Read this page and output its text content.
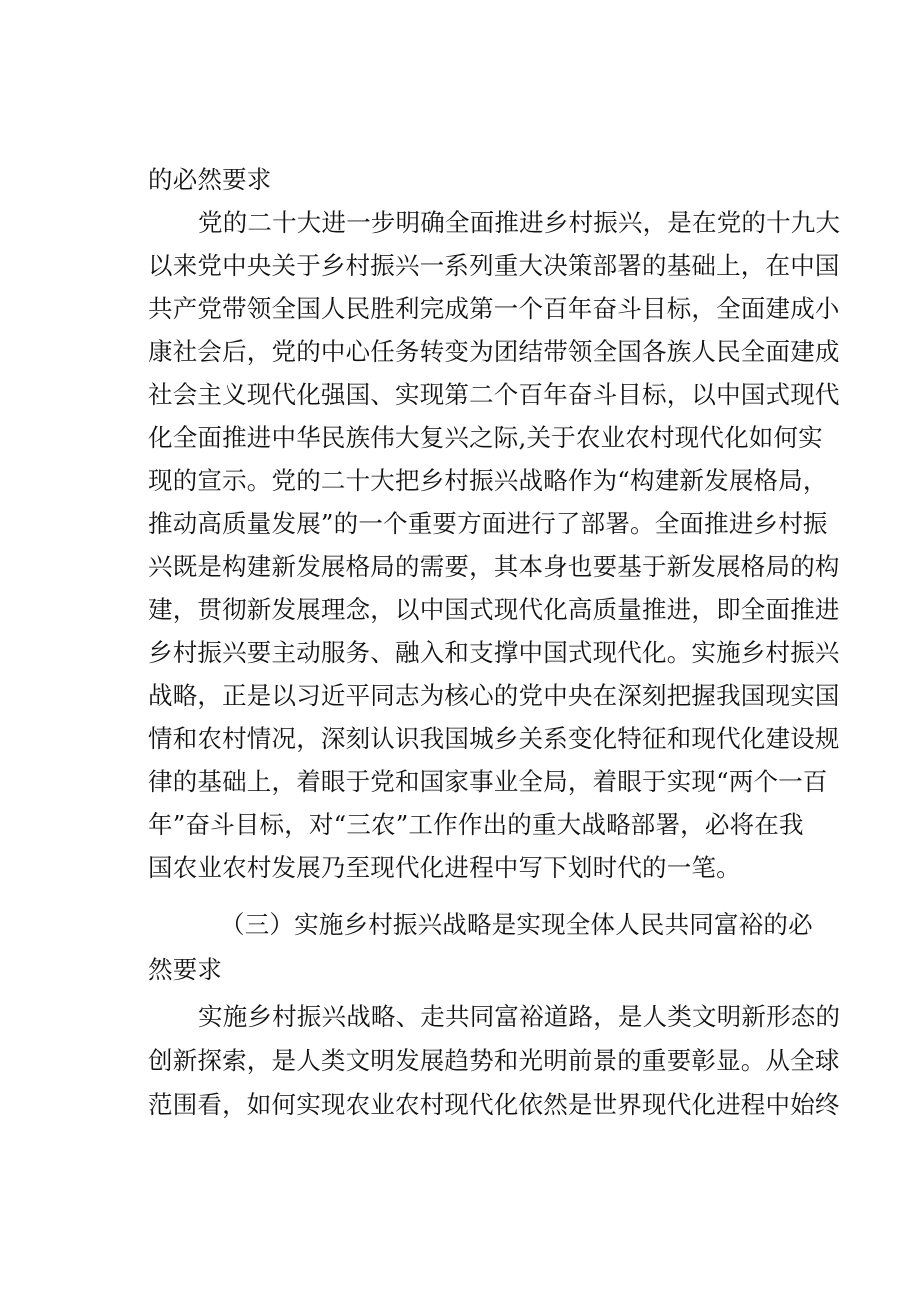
的必然要求
党的二十大进一步明确全面推进乡村振兴，是在党的十九大
以来党中央关于乡村振兴一系列重大决策部署的基础上，在中国
共产党带领全国人民胜利完成第一个百年奋斗目标，全面建成小
康社会后，党的中心任务转变为团结带领全国各族人民全面建成
社会主义现代化强国、实现第二个百年奋斗目标，以中国式现代
化全面推进中华民族伟大复兴之际,关于农业农村现代化如何实
现的宣示。党的二十大把乡村振兴战略作为“构建新发展格局，
推动高质量发展”的一个重要方面进行了部署。全面推进乡村振
兴既是构建新发展格局的需要，其本身也要基于新发展格局的构
建，贯彻新发展理念，以中国式现代化高质量推进，即全面推进
乡村振兴要主动服务、融入和支撑中国式现代化。实施乡村振兴
战略，正是以习近平同志为核心的党中央在深刻把握我国现实国
情和农村情况，深刻认识我国城乡关系变化特征和现代化建设规
律的基础上，着眼于党和国家事业全局，着眼于实现“两个一百
年”奋斗目标，对“三农”工作作出的重大战略部署，必将在我
国农业农村发展乃至现代化进程中写下划时代的一笔。
（三）实施乡村振兴战略是实现全体人民共同富裕的必
然要求
实施乡村振兴战略、走共同富裕道路，是人类文明新形态的
创新探索，是人类文明发展趋势和光明前景的重要彰显。从全球
范围看，如何实现农业农村现代化依然是世界现代化进程中始终
